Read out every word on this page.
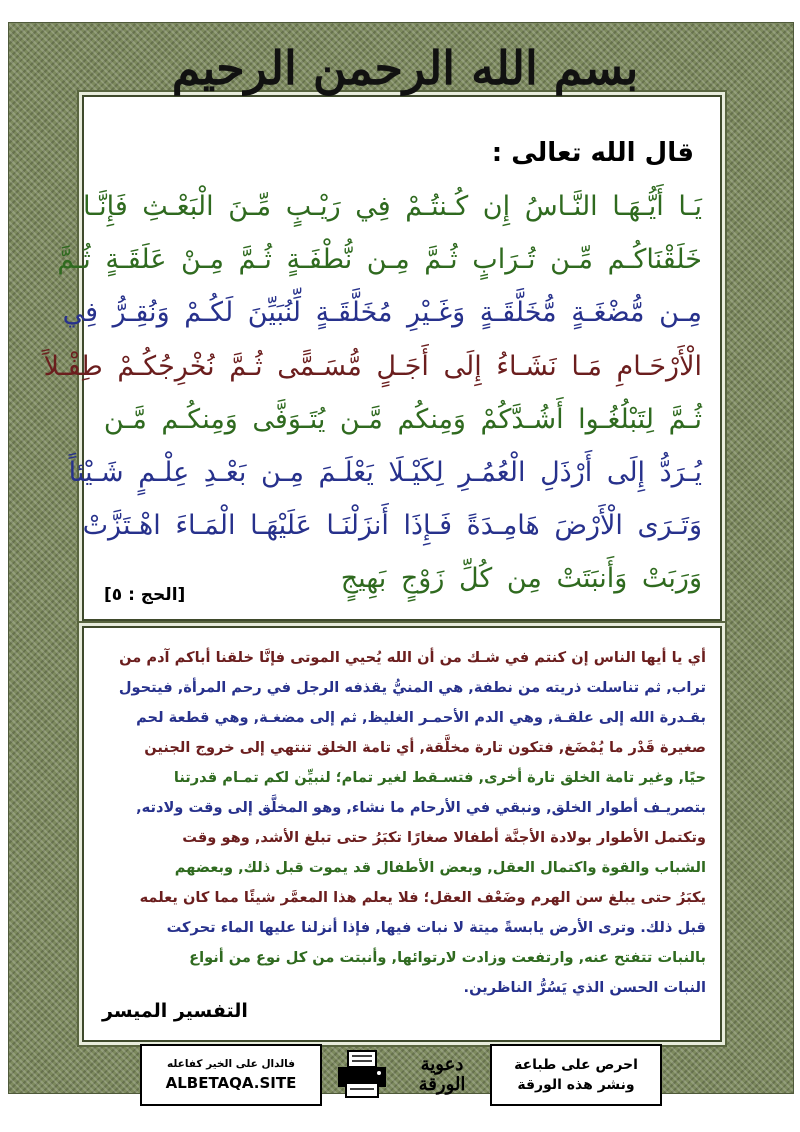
بسم الله الرحمن الرحيم
قال الله تعالى :
يَـا أَيُّـهَـا النَّـاسُ إِن كُـنتُـمْ فِي رَيْـبٍ مِّـنَ الْبَعْـثِ فَإِنَّـا
خَلَقْنَاكُـم مِّـن تُـرَابٍ ثُـمَّ مِـن نُّطْفَـةٍ ثُـمَّ مِـنْ عَلَقَـةٍ ثُـمَّ
مِـن مُّضْغَـةٍ مُّخَلَّقَـةٍ وَغَـيْرِ مُخَلَّقَـةٍ لِّنُبَيِّنَ لَكُـمْ وَنُقِـرُّ فِي
الْأَرْحَـامِ مَـا نَشَـاءُ إِلَى أَجَـلٍ مُّسَـمًّى ثُـمَّ نُخْرِجُكُـمْ طِفْـلاً
ثُـمَّ لِتَبْلُغُـوا أَشُـدَّكُمْ وَمِنكُم مَّـن يُتَـوَفَّى وَمِنكُـم مَّـن
يُـرَدُّ إِلَى أَرْذَلِ الْعُمُـرِ لِكَيْـلَا يَعْلَـمَ مِـن بَعْـدِ عِلْـمٍ شَـيْئاً
وَتَـرَى الْأَرْضَ هَامِـدَةً فَـإِذَا أَنزَلْنَـا عَلَيْهَـا الْمَـاءَ اهْـتَزَّتْ
وَرَبَتْ وَأَنبَتَتْ مِن كُلِّ زَوْجٍ بَهِيجٍ
[الحج : ٥]
أي يا أيها الناس إن كنتم في شـك من أن الله يُحيي الموتى فإنَّا خلقنا أباكم آدم من
تراب, ثم تناسلت ذريته من نطفة, هي المنيُّ يقذفه الرجل في رحم المرأة, فيتحول
بقـدرة الله إلى علقـة, وهي الدم الأحمـر الغليظ, ثم إلى مضغـة, وهي قطعة لحم
صغيرة قَدْر ما يُمْضَغ, فتكون تارة مخلَّقة, أي تامة الخلق تنتهي إلى خروج الجنين
حيًا, وغير تامة الخلق تارة أخرى, فتسـقط لغير تمام؛ لنبيِّن لكم تمـام قدرتنا
بتصريـف أطوار الخلق, ونبقي في الأرحام ما نشاء, وهو المخلَّق إلى وقت ولادته,
وتكتمل الأطوار بولادة الأجنَّة أطفالا صغارًا تكبَرُ حتى تبلغ الأشد, وهو وقت
الشباب والقوة واكتمال العقل, وبعض الأطفال قد يموت قبل ذلك, وبعضهم
يكبَرُ حتى يبلغ سن الهرم وضَعْف العقل؛ فلا يعلم هذا المعمَّر شيئًا مما كان يعلمه
قبل ذلك. وترى الأرض يابسةً ميتة لا نبات فيها, فإذا أنزلنا عليها الماء تحركت
بالنبات تتفتح عنه, وارتفعت وزادت لارتوائها, وأنبتت من كل نوع من أنواع
النبات الحسن الذي يَسُرُّ الناظرين.
التفسير الميسر
فالدال على الخير كفاعله
ALBETAQA.SITE
دعوية
الورقة
احرص على طباعة
ونشر هذه الورقة
